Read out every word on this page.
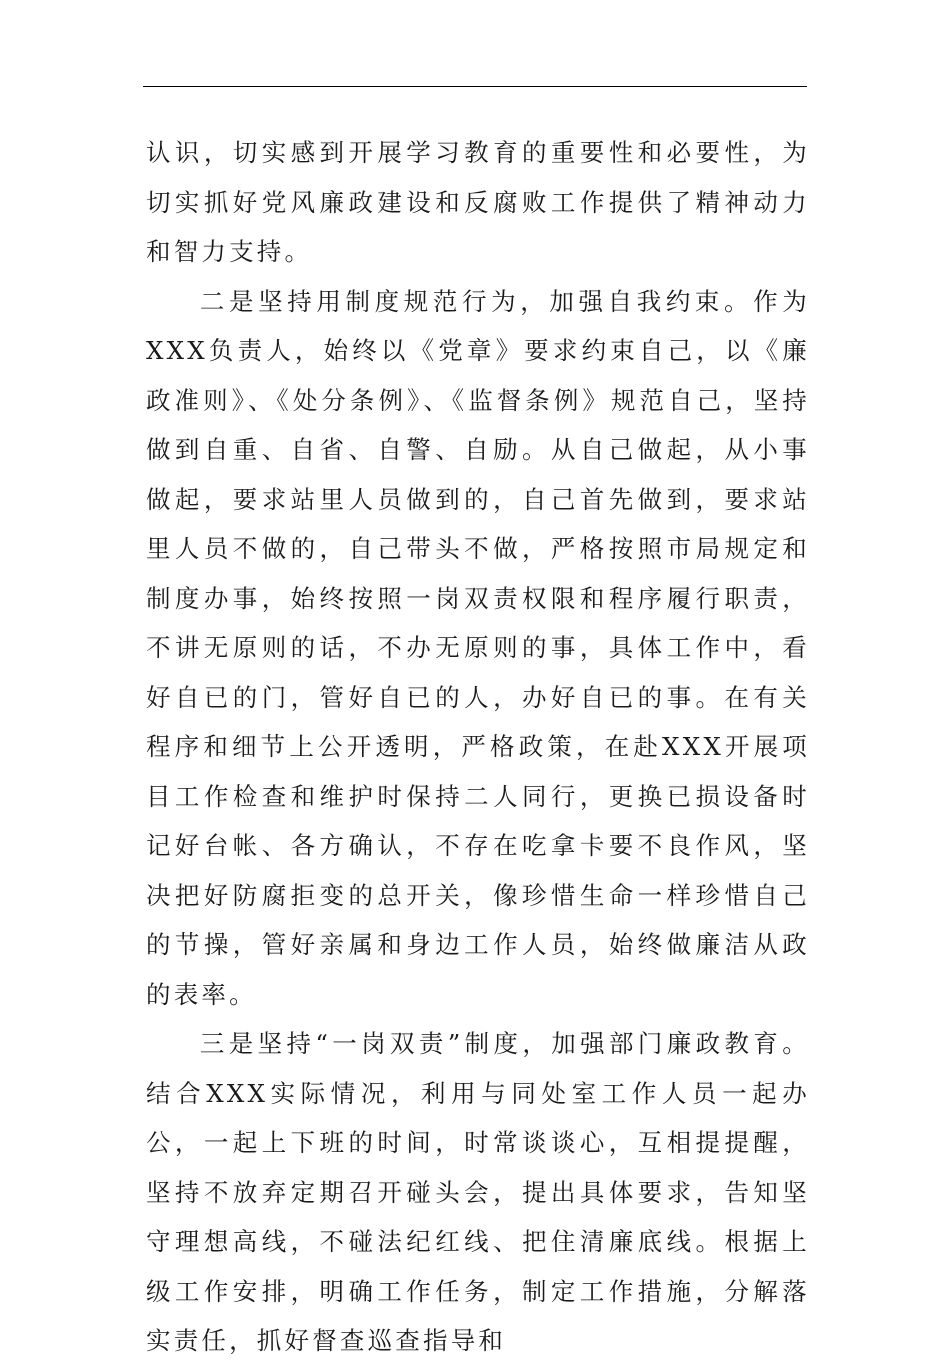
认识，切实感到开展学习教育的重要性和必要性，为切实抓好党风廉政建设和反腐败工作提供了精神动力和智力支持。

二是坚持用制度规范行为，加强自我约束。作为XXX负责人，始终以《党章》要求约束自己，以《廉政准则》、《处分条例》、《监督条例》规范自己，坚持做到自重、自省、自警、自励。从自己做起，从小事做起，要求站里人员做到的，自己首先做到，要求站里人员不做的，自己带头不做，严格按照市局规定和制度办事，始终按照一岗双责权限和程序履行职责，不讲无原则的话，不办无原则的事，具体工作中，看好自已的门，管好自已的人，办好自已的事。在有关程序和细节上公开透明，严格政策，在赴XXX开展项目工作检查和维护时保持二人同行，更换已损设备时记好台帐、各方确认，不存在吃拿卡要不良作风，坚决把好防腐拒变的总开关，像珍惜生命一样珍惜自己的节操，管好亲属和身边工作人员，始终做廉洁从政的表率。

三是坚持“一岗双责”制度，加强部门廉政教育。结合XXX实际情况，利用与同处室工作人员一起办公，一起上下班的时间，时常谈谈心，互相提提醒，坚持不放弃定期召开碰头会，提出具体要求，告知坚守理想高线，不碰法纪红线、把住清廉底线。根据上级工作安排，明确工作任务，制定工作措施，分解落实责任，抓好督查巡查指导和
